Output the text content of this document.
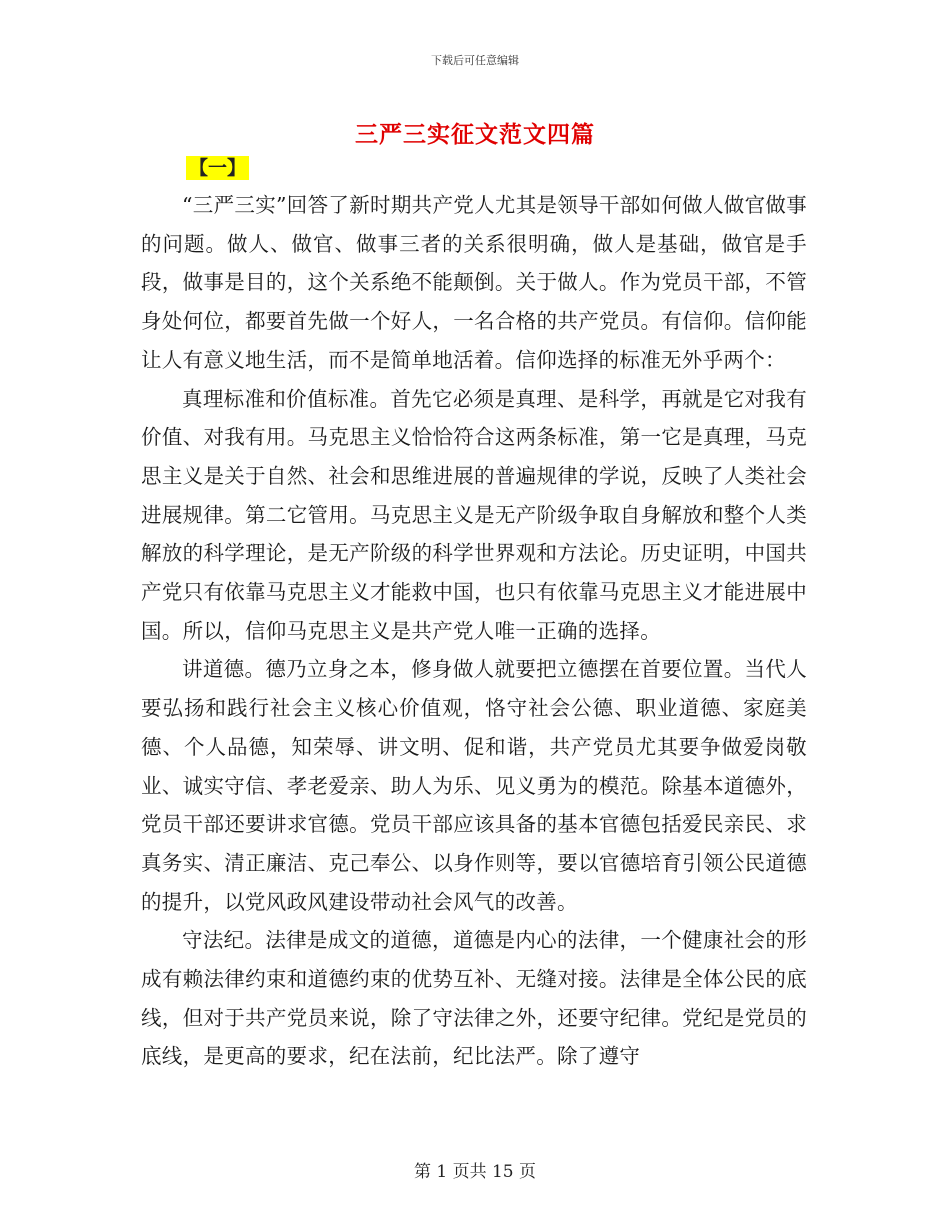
下载后可任意编辑
三严三实征文范文四篇
【一】

“三严三实”回答了新时期共产党人尤其是领导干部如何做人做官做事的问题。做人、做官、做事三者的关系很明确，做人是基础，做官是手段，做事是目的，这个关系绝不能颠倒。关于做人。作为党员干部，不管身处何位，都要首先做一个好人，一名合格的共产党员。有信仰。信仰能让人有意义地生活，而不是简单地活着。信仰选择的标准无外乎两个：

真理标准和价值标准。首先它必须是真理、是科学，再就是它对我有价值、对我有用。马克思主义恰恰符合这两条标准，第一它是真理，马克思主义是关于自然、社会和思维进展的普遍规律的学说，反映了人类社会进展规律。第二它管用。马克思主义是无产阶级争取自身解放和整个人类解放的科学理论，是无产阶级的科学世界观和方法论。历史证明，中国共产党只有依靠马克思主义才能救中国，也只有依靠马克思主义才能进展中国。所以，信仰马克思主义是共产党人唯一正确的选择。

讲道德。德乃立身之本，修身做人就要把立德摆在首要位置。当代人要弘扬和践行社会主义核心价值观，恪守社会公德、职业道德、家庭美德、个人品德，知荣辱、讲文明、促和谐，共产党员尤其要争做爱岗敬业、诚实守信、孝老爱亲、助人为乐、见义勇为的模范。除基本道德外，党员干部还要讲求官德。党员干部应该具备的基本官德包括爱民亲民、求真务实、清正廉洁、克己奉公、以身作则等，要以官德培育引领公民道德的提升，以党风政风建设带动社会风气的改善。

守法纪。法律是成文的道德，道德是内心的法律，一个健康社会的形成有赖法律约束和道德约束的优势互补、无缝对接。法律是全体公民的底线，但对于共产党员来说，除了守法律之外，还要守纪律。党纪是党员的底线，是更高的要求，纪在法前，纪比法严。除了遵守

第 1 页共 15 页
